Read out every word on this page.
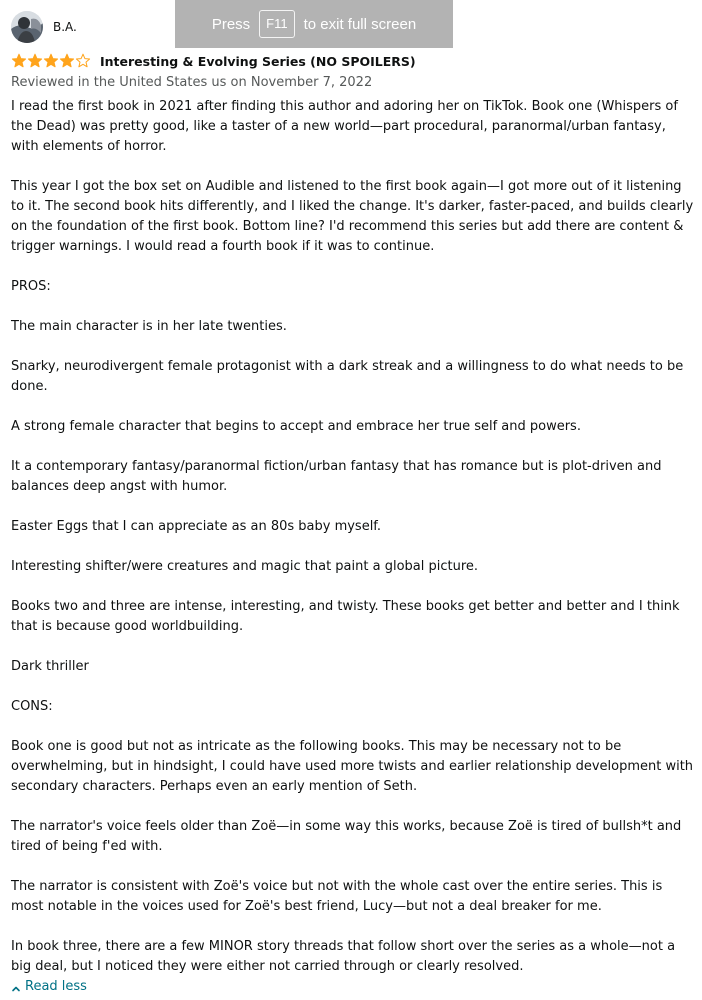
B.A.
Interesting & Evolving Series (NO SPOILERS)
Reviewed in the United States us on November 7, 2022

I read the first book in 2021 after finding this author and adoring her on TikTok. Book one (Whispers of the Dead) was pretty good, like a taster of a new world—part procedural, paranormal/urban fantasy, with elements of horror.

This year I got the box set on Audible and listened to the first book again—I got more out of it listening to it. The second book hits differently, and I liked the change. It's darker, faster-paced, and builds clearly on the foundation of the first book. Bottom line? I'd recommend this series but add there are content & trigger warnings. I would read a fourth book if it was to continue.

PROS:

The main character is in her late twenties.

Snarky, neurodivergent female protagonist with a dark streak and a willingness to do what needs to be done.

A strong female character that begins to accept and embrace her true self and powers.

It a contemporary fantasy/paranormal fiction/urban fantasy that has romance but is plot-driven and balances deep angst with humor.

Easter Eggs that I can appreciate as an 80s baby myself.

Interesting shifter/were creatures and magic that paint a global picture.

Books two and three are intense, interesting, and twisty. These books get better and better and I think that is because good worldbuilding.

Dark thriller

CONS:

Book one is good but not as intricate as the following books. This may be necessary not to be overwhelming, but in hindsight, I could have used more twists and earlier relationship development with secondary characters. Perhaps even an early mention of Seth.

The narrator's voice feels older than Zoë—in some way this works, because Zoë is tired of bullsh*t and tired of being f'ed with.

The narrator is consistent with Zoë's voice but not with the whole cast over the entire series. This is most notable in the voices used for Zoë's best friend, Lucy—but not a deal breaker for me.

In book three, there are a few MINOR story threads that follow short over the series as a whole—not a big deal, but I noticed they were either not carried through or clearly resolved.

Read less
Press	F11	to exit full screen
